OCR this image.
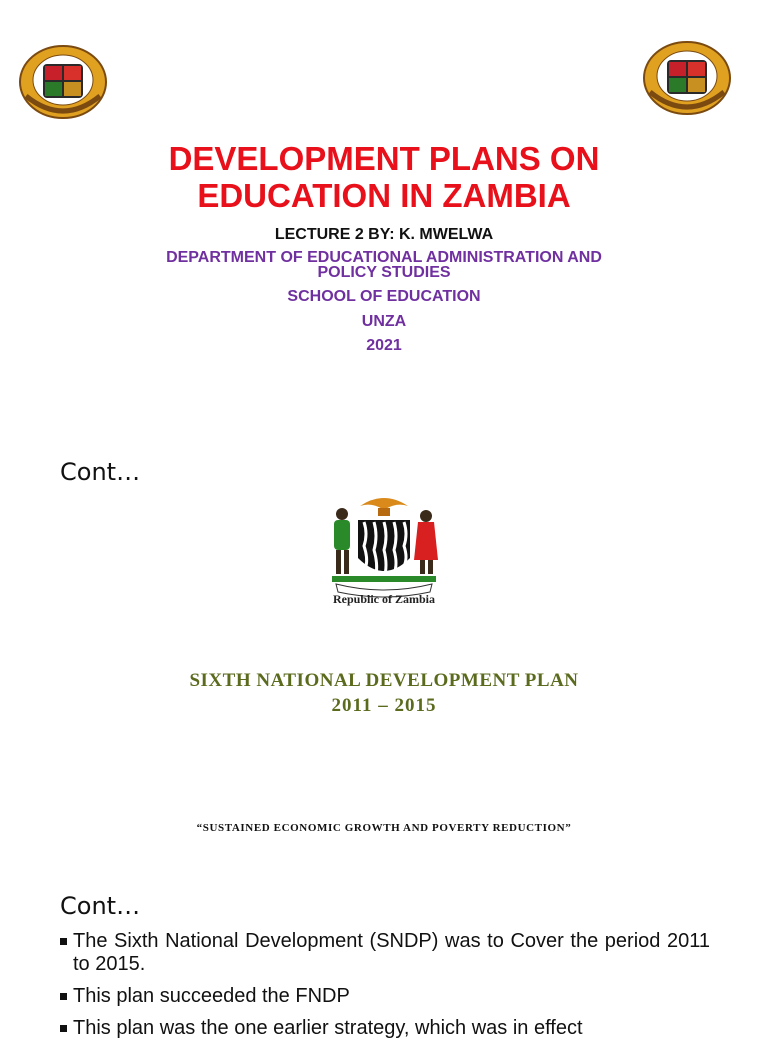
DEVELOPMENT PLANS ON
EDUCATION IN ZAMBIA
LECTURE 2 BY: K. MWELWA
DEPARTMENT OF EDUCATIONAL ADMINISTRATION AND
POLICY STUDIES
SCHOOL OF EDUCATION
UNZA
2021
Cont…
Republic of Zambia
SIXTH NATIONAL DEVELOPMENT PLAN
2011 – 2015
“SUSTAINED ECONOMIC GROWTH AND POVERTY REDUCTION”
Cont…
The Sixth National Development (SNDP) was to Cover the period 2011 to 2015.
This plan succeeded the FNDP
This plan was the one earlier strategy, which was in effect
